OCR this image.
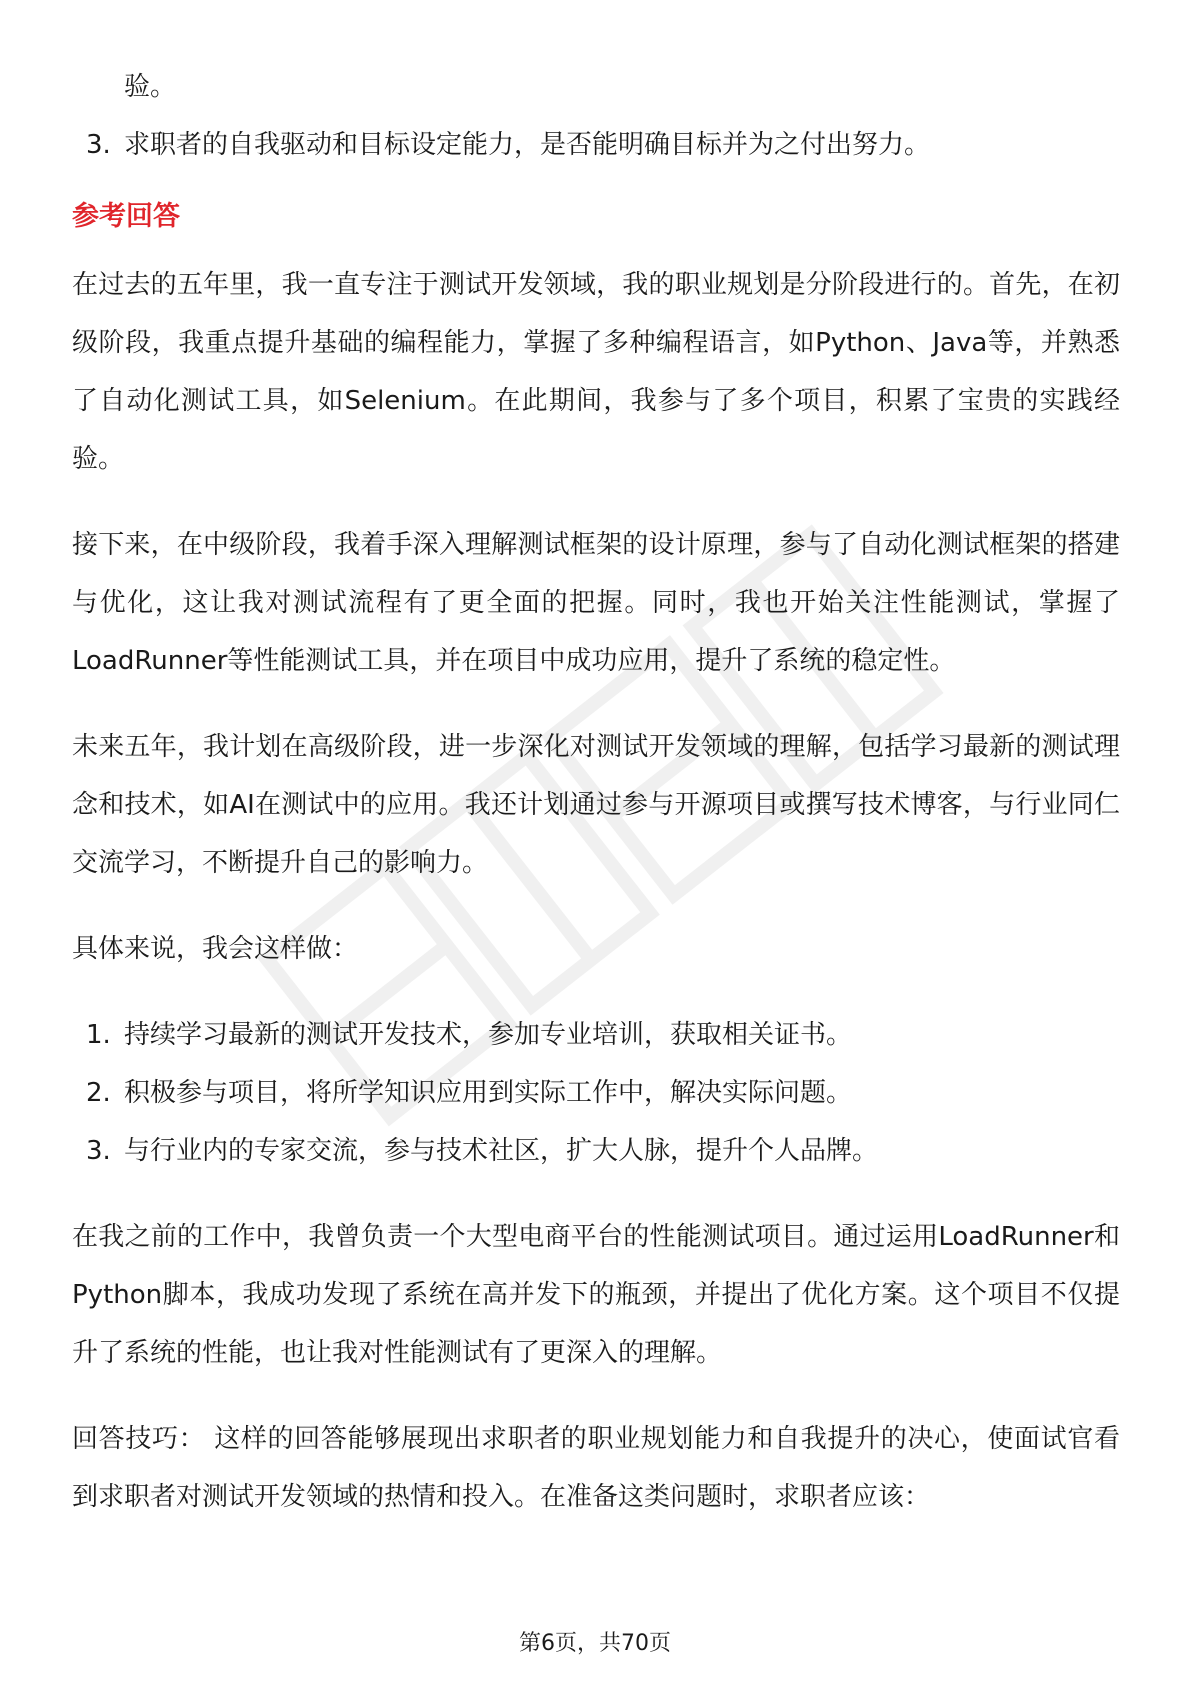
验。
3. 求职者的自我驱动和目标设定能力，是否能明确目标并为之付出努力。
参考回答

在过去的五年里，我一直专注于测试开发领域，我的职业规划是分阶段进行的。首先，在初级阶段，我重点提升基础的编程能力，掌握了多种编程语言，如Python、Java等，并熟悉了自动化测试工具，如Selenium。在此期间，我参与了多个项目，积累了宝贵的实践经验。

接下来，在中级阶段，我着手深入理解测试框架的设计原理，参与了自动化测试框架的搭建与优化，这让我对测试流程有了更全面的把握。同时，我也开始关注性能测试，掌握了LoadRunner等性能测试工具，并在项目中成功应用，提升了系统的稳定性。

未来五年，我计划在高级阶段，进一步深化对测试开发领域的理解，包括学习最新的测试理念和技术，如AI在测试中的应用。我还计划通过参与开源项目或撰写技术博客，与行业同仁交流学习，不断提升自己的影响力。

具体来说，我会这样做：

1. 持续学习最新的测试开发技术，参加专业培训，获取相关证书。
2. 积极参与项目，将所学知识应用到实际工作中，解决实际问题。
3. 与行业内的专家交流，参与技术社区，扩大人脉，提升个人品牌。

在我之前的工作中，我曾负责一个大型电商平台的性能测试项目。通过运用LoadRunner和Python脚本，我成功发现了系统在高并发下的瓶颈，并提出了优化方案。这个项目不仅提升了系统的性能，也让我对性能测试有了更深入的理解。

回答技巧： 这样的回答能够展现出求职者的职业规划能力和自我提升的决心，使面试官看到求职者对测试开发领域的热情和投入。在准备这类问题时，求职者应该：

第6页，共70页
